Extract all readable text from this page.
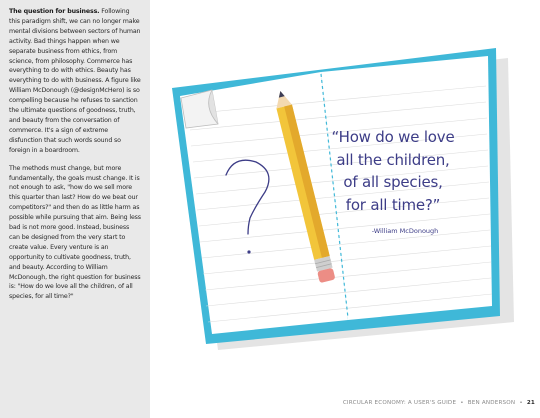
The question for business. Following this paradigm shift, we can no longer make mental divisions between sectors of human activity. Bad things happen when we separate business from ethics, from science, from philosophy. Commerce has everything to do with ethics. Beauty has everything to do with business. A figure like William McDonough (@designMcHero) is so compelling because he refuses to sanction the ultimate questions of goodness, truth, and beauty from the conversation of commerce. It's a sign of extreme disfunction that such words sound so foreign in a boardroom.

The methods must change, but more fundamentally, the goals must change. It is not enough to ask, "how do we sell more this quarter than last? How do we beat our competitors?" and then do as little harm as possible while pursuing that aim. Being less bad is not more good. Instead, business can be designed from the very start to create value. Every venture is an opportunity to cultivate goodness, truth, and beauty. According to William McDonough, the right question for business is: "How do we love all the children, of all species, for all time?"

“How do we love
all the children,
of all species,
for all time?”
-William McDonough
CIRCULAR ECONOMY: A USER'S GUIDE • BEN ANDERSON • 21
